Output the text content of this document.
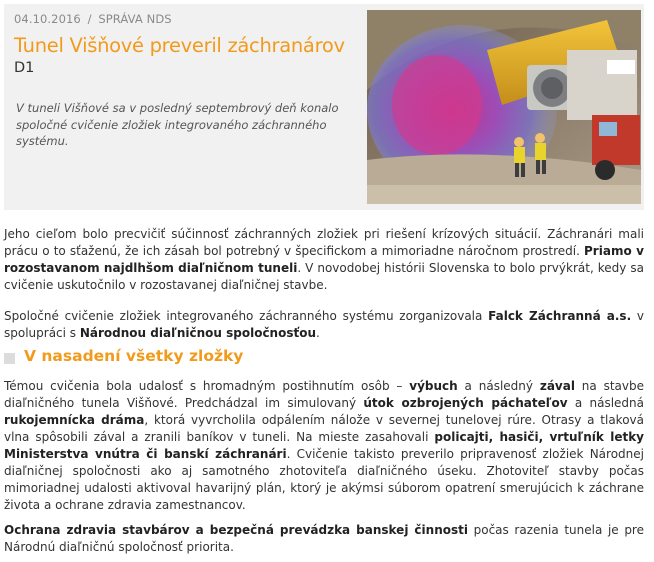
04.10.2016 / SPRÁVA NDS
Tunel Višňové preveril záchranárov
D1
V tuneli Višňové sa v posledný septembrový deň konalo spoločné cvičenie zložiek integrovaného záchranného systému.

Jeho cieľom bolo precvičiť súčinnosť záchranných zložiek pri riešení krízových situácií. Záchranári mali prácu o to sťaženú, že ich zásah bol potrebný v špecifickom a mimoriadne náročnom prostredí. Priamo v rozostavanom najdlhšom diaľničnom tuneli. V novodobej histórii Slovenska to bolo prvýkrát, kedy sa cvičenie uskutočnilo v rozostavanej diaľničnej stavbe.

Spoločné cvičenie zložiek integrovaného záchranného systému zorganizovala Falck Záchranná a.s. v spolupráci s Národnou diaľničnou spoločnosťou.

V nasadení všetky zložky

Témou cvičenia bola udalosť s hromadným postihnutím osôb – výbuch a následný zával na stavbe diaľničného tunela Višňové. Predchádzal im simulovaný útok ozbrojených páchateľov a následná rukojemnícka dráma, ktorá vyvrcholila odpálením nálože v severnej tunelovej rúre. Otrasy a tlaková vlna spôsobili zával a zranili baníkov v tuneli. Na mieste zasahovali policajti, hasiči, vrtuľník letky Ministerstva vnútra či banskí záchranári. Cvičenie takisto preverilo pripravenosť zložiek Národnej diaľničnej spoločnosti ako aj samotného zhotoviteľa diaľničného úseku. Zhotoviteľ stavby počas mimoriadnej udalosti aktivoval havarijný plán, ktorý je akýmsi súborom opatrení smerujúcich k záchrane života a ochrane zdravia zamestnancov.

Ochrana zdravia stavbárov a bezpečná prevádzka banskej činnosti počas razenia tunela je pre Národnú diaľničnú spoločnosť priorita.
